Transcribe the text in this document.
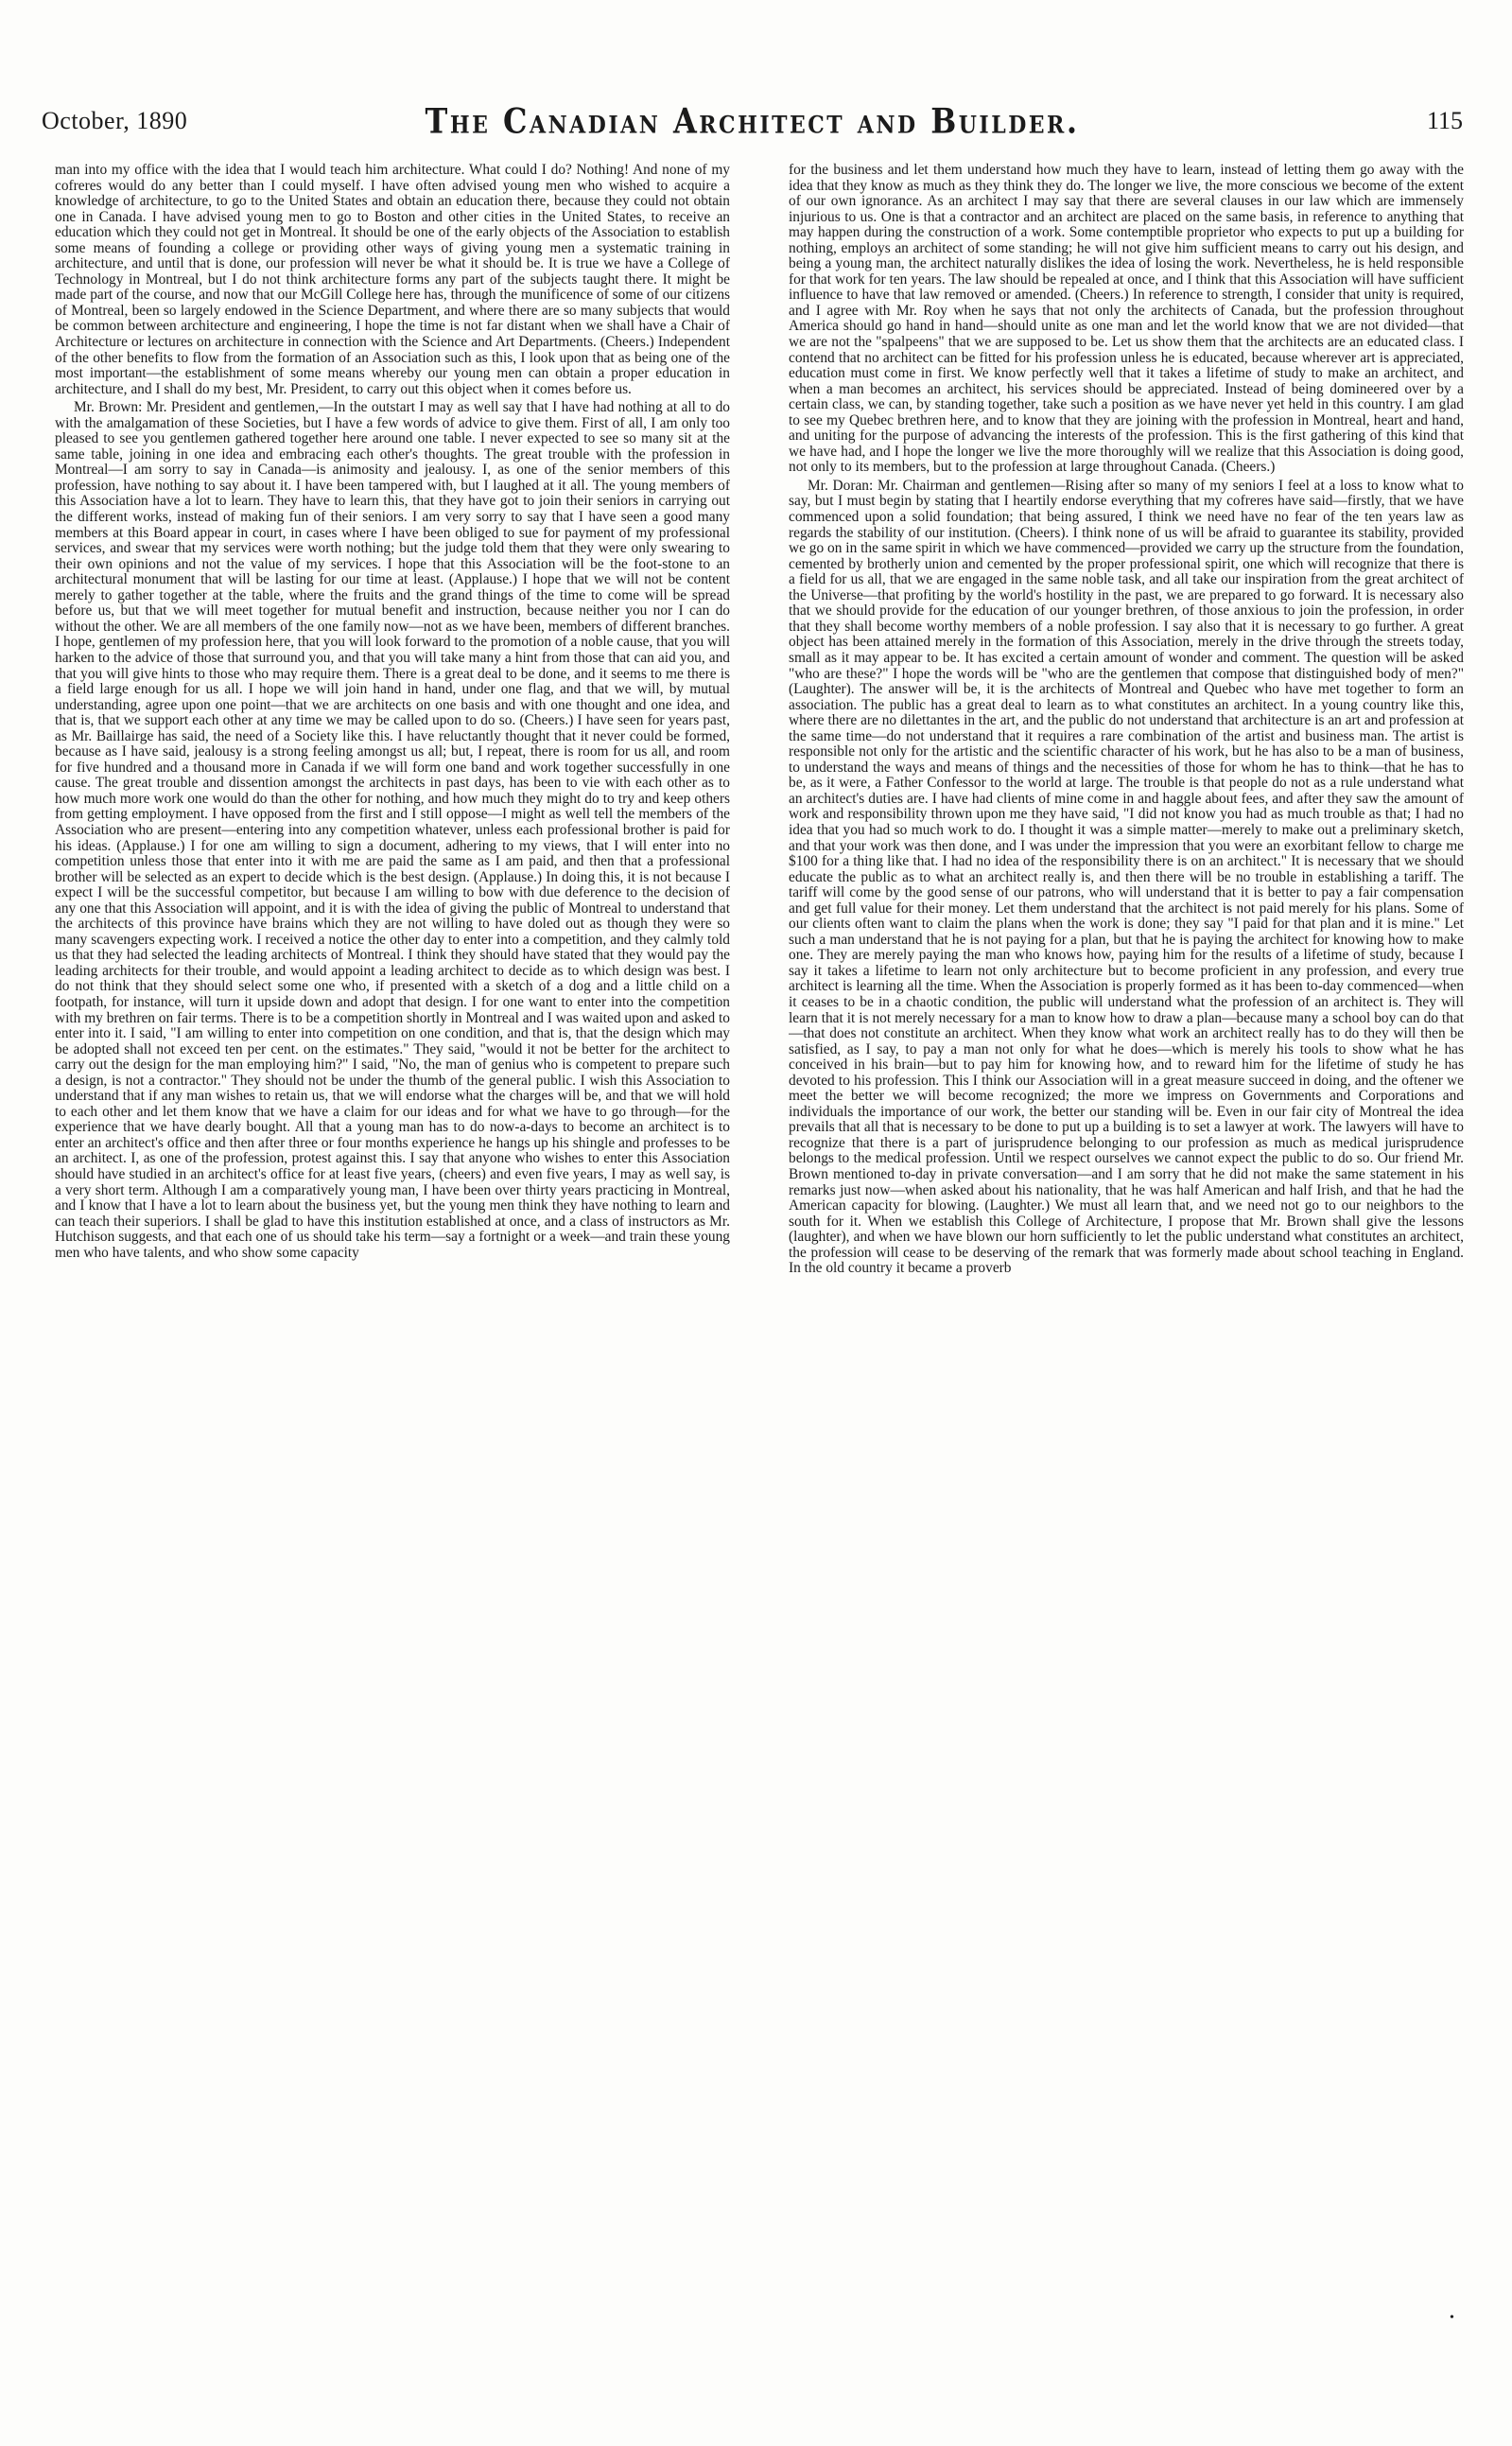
October, 1890	The Canadian Architect and Builder.	115

man into my office with the idea that I would teach him architecture. What could I do? Nothing! And none of my cofreres would do any better than I could myself. I have often advised young men who wished to acquire a knowledge of architecture, to go to the United States and obtain an education there, because they could not obtain one in Canada. I have advised young men to go to Boston and other cities in the United States, to receive an education which they could not get in Montreal. It should be one of the early objects of the Association to establish some means of founding a college or providing other ways of giving young men a systematic training in architecture, and until that is done, our profession will never be what it should be. It is true we have a College of Technology in Montreal, but I do not think architecture forms any part of the subjects taught there. It might be made part of the course, and now that our McGill College here has, through the munificence of some of our citizens of Montreal, been so largely endowed in the Science Department, and where there are so many subjects that would be common between architecture and engineering, I hope the time is not far distant when we shall have a Chair of Architecture or lectures on architecture in connection with the Science and Art Departments. (Cheers.) Independent of the other benefits to flow from the formation of an Association such as this, I look upon that as being one of the most important—the establishment of some means whereby our young men can obtain a proper education in architecture, and I shall do my best, Mr. President, to carry out this object when it comes before us.

Mr. Brown: Mr. President and gentlemen,—In the outstart I may as well say that I have had nothing at all to do with the amalgamation of these Societies, but I have a few words of advice to give them. First of all, I am only too pleased to see you gentlemen gathered together here around one table. I never expected to see so many sit at the same table, joining in one idea and embracing each other's thoughts. The great trouble with the profession in Montreal—I am sorry to say in Canada—is animosity and jealousy. I, as one of the senior members of this profession, have nothing to say about it. I have been tampered with, but I laughed at it all. The young members of this Association have a lot to learn. They have to learn this, that they have got to join their seniors in carrying out the different works, instead of making fun of their seniors. I am very sorry to say that I have seen a good many members at this Board appear in court, in cases where I have been obliged to sue for payment of my professional services, and swear that my services were worth nothing; but the judge told them that they were only swearing to their own opinions and not the value of my services. I hope that this Association will be the foot-stone to an architectural monument that will be lasting for our time at least. (Applause.) I hope that we will not be content merely to gather together at the table, where the fruits and the grand things of the time to come will be spread before us, but that we will meet together for mutual benefit and instruction, because neither you nor I can do without the other. We are all members of the one family now—not as we have been, members of different branches. I hope, gentlemen of my profession here, that you will look forward to the promotion of a noble cause, that you will harken to the advice of those that surround you, and that you will take many a hint from those that can aid you, and that you will give hints to those who may require them. There is a great deal to be done, and it seems to me there is a field large enough for us all. I hope we will join hand in hand, under one flag, and that we will, by mutual understanding, agree upon one point—that we are architects on one basis and with one thought and one idea, and that is, that we support each other at any time we may be called upon to do so. (Cheers.) I have seen for years past, as Mr. Baillairge has said, the need of a Society like this. I have reluctantly thought that it never could be formed, because as I have said, jealousy is a strong feeling amongst us all; but, I repeat, there is room for us all, and room for five hundred and a thousand more in Canada if we will form one band and work together successfully in one cause. The great trouble and dissention amongst the architects in past days, has been to vie with each other as to how much more work one would do than the other for nothing, and how much they might do to try and keep others from getting employment. I have opposed from the first and I still oppose—I might as well tell the members of the Association who are present—entering into any competition whatever, unless each professional brother is paid for his ideas. (Applause.) I for one am willing to sign a document, adhering to my views, that I will enter into no competition unless those that enter into it with me are paid the same as I am paid, and then that a professional brother will be selected as an expert to decide which is the best design. (Applause.) In doing this, it is not because I expect I will be the successful competitor, but because I am willing to bow with due deference to the decision of any one that this Association will appoint, and it is with the idea of giving the public of Montreal to understand that the architects of this province have brains which they are not willing to have doled out as though they were so many scavengers expecting work. I received a notice the other day to enter into a competition, and they calmly told us that they had selected the leading architects of Montreal. I think they should have stated that they would pay the leading architects for their trouble, and would appoint a leading architect to decide as to which design was best. I do not think that they should select some one who, if presented with a sketch of a dog and a little child on a footpath, for instance, will turn it upside down and adopt that design. I for one want to enter into the competition with my brethren on fair terms. There is to be a competition shortly in Montreal and I was waited upon and asked to enter into it. I said, "I am willing to enter into competition on one condition, and that is, that the design which may be adopted shall not exceed ten per cent. on the estimates." They said, "would it not be better for the architect to carry out the design for the man employing him?" I said, "No, the man of genius who is competent to prepare such a design, is not a contractor." They should not be under the thumb of the general public. I wish this Association to understand that if any man wishes to retain us, that we will endorse what the charges will be, and that we will hold to each other and let them know that we have a claim for our ideas and for what we have to go through—for the experience that we have dearly bought. All that a young man has to do now-a-days to become an architect is to enter an architect's office and then after three or four months experience he hangs up his shingle and professes to be an architect. I, as one of the profession, protest against this. I say that anyone who wishes to enter this Association should have studied in an architect's office for at least five years, (cheers) and even five years, I may as well say, is a very short term. Although I am a comparatively young man, I have been over thirty years practicing in Montreal, and I know that I have a lot to learn about the business yet, but the young men think they have nothing to learn and can teach their superiors. I shall be glad to have this institution established at once, and a class of instructors as Mr. Hutchison suggests, and that each one of us should take his term—say a fortnight or a week—and train these young men who have talents, and who show some capacity

for the business and let them understand how much they have to learn, instead of letting them go away with the idea that they know as much as they think they do. The longer we live, the more conscious we become of the extent of our own ignorance. As an architect I may say that there are several clauses in our law which are immensely injurious to us. One is that a contractor and an architect are placed on the same basis, in reference to anything that may happen during the construction of a work. Some contemptible proprietor who expects to put up a building for nothing, employs an architect of some standing; he will not give him sufficient means to carry out his design, and being a young man, the architect naturally dislikes the idea of losing the work. Nevertheless, he is held responsible for that work for ten years. The law should be repealed at once, and I think that this Association will have sufficient influence to have that law removed or amended. (Cheers.) In reference to strength, I consider that unity is required, and I agree with Mr. Roy when he says that not only the architects of Canada, but the profession throughout America should go hand in hand—should unite as one man and let the world know that we are not divided—that we are not the "spalpeens" that we are supposed to be. Let us show them that the architects are an educated class. I contend that no architect can be fitted for his profession unless he is educated, because wherever art is appreciated, education must come in first. We know perfectly well that it takes a lifetime of study to make an architect, and when a man becomes an architect, his services should be appreciated. Instead of being domineered over by a certain class, we can, by standing together, take such a position as we have never yet held in this country. I am glad to see my Quebec brethren here, and to know that they are joining with the profession in Montreal, heart and hand, and uniting for the purpose of advancing the interests of the profession. This is the first gathering of this kind that we have had, and I hope the longer we live the more thoroughly will we realize that this Association is doing good, not only to its members, but to the profession at large throughout Canada. (Cheers.)

Mr. Doran: Mr. Chairman and gentlemen—Rising after so many of my seniors I feel at a loss to know what to say, but I must begin by stating that I heartily endorse everything that my cofreres have said—firstly, that we have commenced upon a solid foundation; that being assured, I think we need have no fear of the ten years law as regards the stability of our institution. (Cheers). I think none of us will be afraid to guarantee its stability, provided we go on in the same spirit in which we have commenced—provided we carry up the structure from the foundation, cemented by brotherly union and cemented by the proper professional spirit, one which will recognize that there is a field for us all, that we are engaged in the same noble task, and all take our inspiration from the great architect of the Universe—that profiting by the world's hostility in the past, we are prepared to go forward. It is necessary also that we should provide for the education of our younger brethren, of those anxious to join the profession, in order that they shall become worthy members of a noble profession. I say also that it is necessary to go further. A great object has been attained merely in the formation of this Association, merely in the drive through the streets today, small as it may appear to be. It has excited a certain amount of wonder and comment. The question will be asked "who are these?" I hope the words will be "who are the gentlemen that compose that distinguished body of men?" (Laughter). The answer will be, it is the architects of Montreal and Quebec who have met together to form an association. The public has a great deal to learn as to what constitutes an architect. In a young country like this, where there are no dilettantes in the art, and the public do not understand that architecture is an art and profession at the same time—do not understand that it requires a rare combination of the artist and business man. The artist is responsible not only for the artistic and the scientific character of his work, but he has also to be a man of business, to understand the ways and means of things and the necessities of those for whom he has to think—that he has to be, as it were, a Father Confessor to the world at large. The trouble is that people do not as a rule understand what an architect's duties are. I have had clients of mine come in and haggle about fees, and after they saw the amount of work and responsibility thrown upon me they have said, "I did not know you had as much trouble as that; I had no idea that you had so much work to do. I thought it was a simple matter—merely to make out a preliminary sketch, and that your work was then done, and I was under the impression that you were an exorbitant fellow to charge me $100 for a thing like that. I had no idea of the responsibility there is on an architect." It is necessary that we should educate the public as to what an architect really is, and then there will be no trouble in establishing a tariff. The tariff will come by the good sense of our patrons, who will understand that it is better to pay a fair compensation and get full value for their money. Let them understand that the architect is not paid merely for his plans. Some of our clients often want to claim the plans when the work is done; they say "I paid for that plan and it is mine." Let such a man understand that he is not paying for a plan, but that he is paying the architect for knowing how to make one. They are merely paying the man who knows how, paying him for the results of a lifetime of study, because I say it takes a lifetime to learn not only architecture but to become proficient in any profession, and every true architect is learning all the time. When the Association is properly formed as it has been to-day commenced—when it ceases to be in a chaotic condition, the public will understand what the profession of an architect is. They will learn that it is not merely necessary for a man to know how to draw a plan—because many a school boy can do that—that does not constitute an architect. When they know what work an architect really has to do they will then be satisfied, as I say, to pay a man not only for what he does—which is merely his tools to show what he has conceived in his brain—but to pay him for knowing how, and to reward him for the lifetime of study he has devoted to his profession. This I think our Association will in a great measure succeed in doing, and the oftener we meet the better we will become recognized; the more we impress on Governments and Corporations and individuals the importance of our work, the better our standing will be. Even in our fair city of Montreal the idea prevails that all that is necessary to be done to put up a building is to set a lawyer at work. The lawyers will have to recognize that there is a part of jurisprudence belonging to our profession as much as medical jurisprudence belongs to the medical profession. Until we respect ourselves we cannot expect the public to do so. Our friend Mr. Brown mentioned to-day in private conversation—and I am sorry that he did not make the same statement in his remarks just now—when asked about his nationality, that he was half American and half Irish, and that he had the American capacity for blowing. (Laughter.) We must all learn that, and we need not go to our neighbors to the south for it. When we establish this College of Architecture, I propose that Mr. Brown shall give the lessons (laughter), and when we have blown our horn sufficiently to let the public understand what constitutes an architect, the profession will cease to be deserving of the remark that was formerly made about school teaching in England. In the old country it became a proverb

•
